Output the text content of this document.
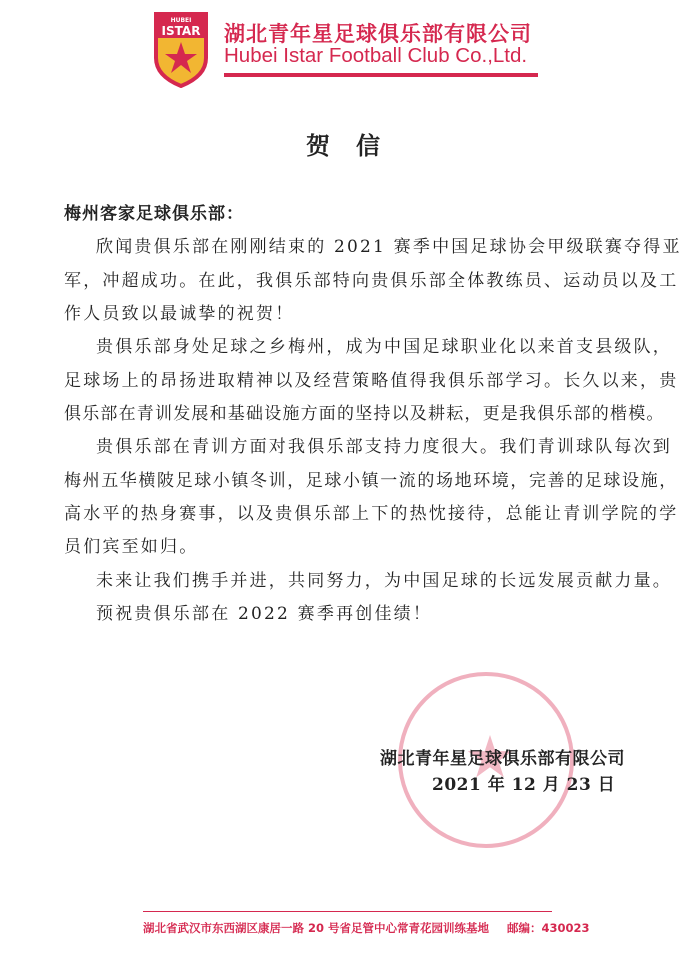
HUBEI
ISTAR 湖北青年星足球俱乐部有限公司
Hubei Istar Football Club Co.,Ltd.
贺信
梅州客家足球俱乐部：
欣闻贵俱乐部在刚刚结束的 2021 赛季中国足球协会甲级联赛夺得亚
军，冲超成功。在此，我俱乐部特向贵俱乐部全体教练员、运动员以及工
作人员致以最诚挚的祝贺！
贵俱乐部身处足球之乡梅州，成为中国足球职业化以来首支县级队，
足球场上的昂扬进取精神以及经营策略值得我俱乐部学习。长久以来，贵
俱乐部在青训发展和基础设施方面的坚持以及耕耘，更是我俱乐部的楷模。
贵俱乐部在青训方面对我俱乐部支持力度很大。我们青训球队每次到
梅州五华横陂足球小镇冬训，足球小镇一流的场地环境，完善的足球设施，
高水平的热身赛事，以及贵俱乐部上下的热忱接待，总能让青训学院的学
员们宾至如归。
未来让我们携手并进，共同努力，为中国足球的长远发展贡献力量。
预祝贵俱乐部在 2022 赛季再创佳绩！
★
湖北青年星足球俱乐部有限公司
2021 年 12 月 23 日
湖北省武汉市东西湖区康居一路 20 号省足管中心常青花园训练基地 邮编：430023
